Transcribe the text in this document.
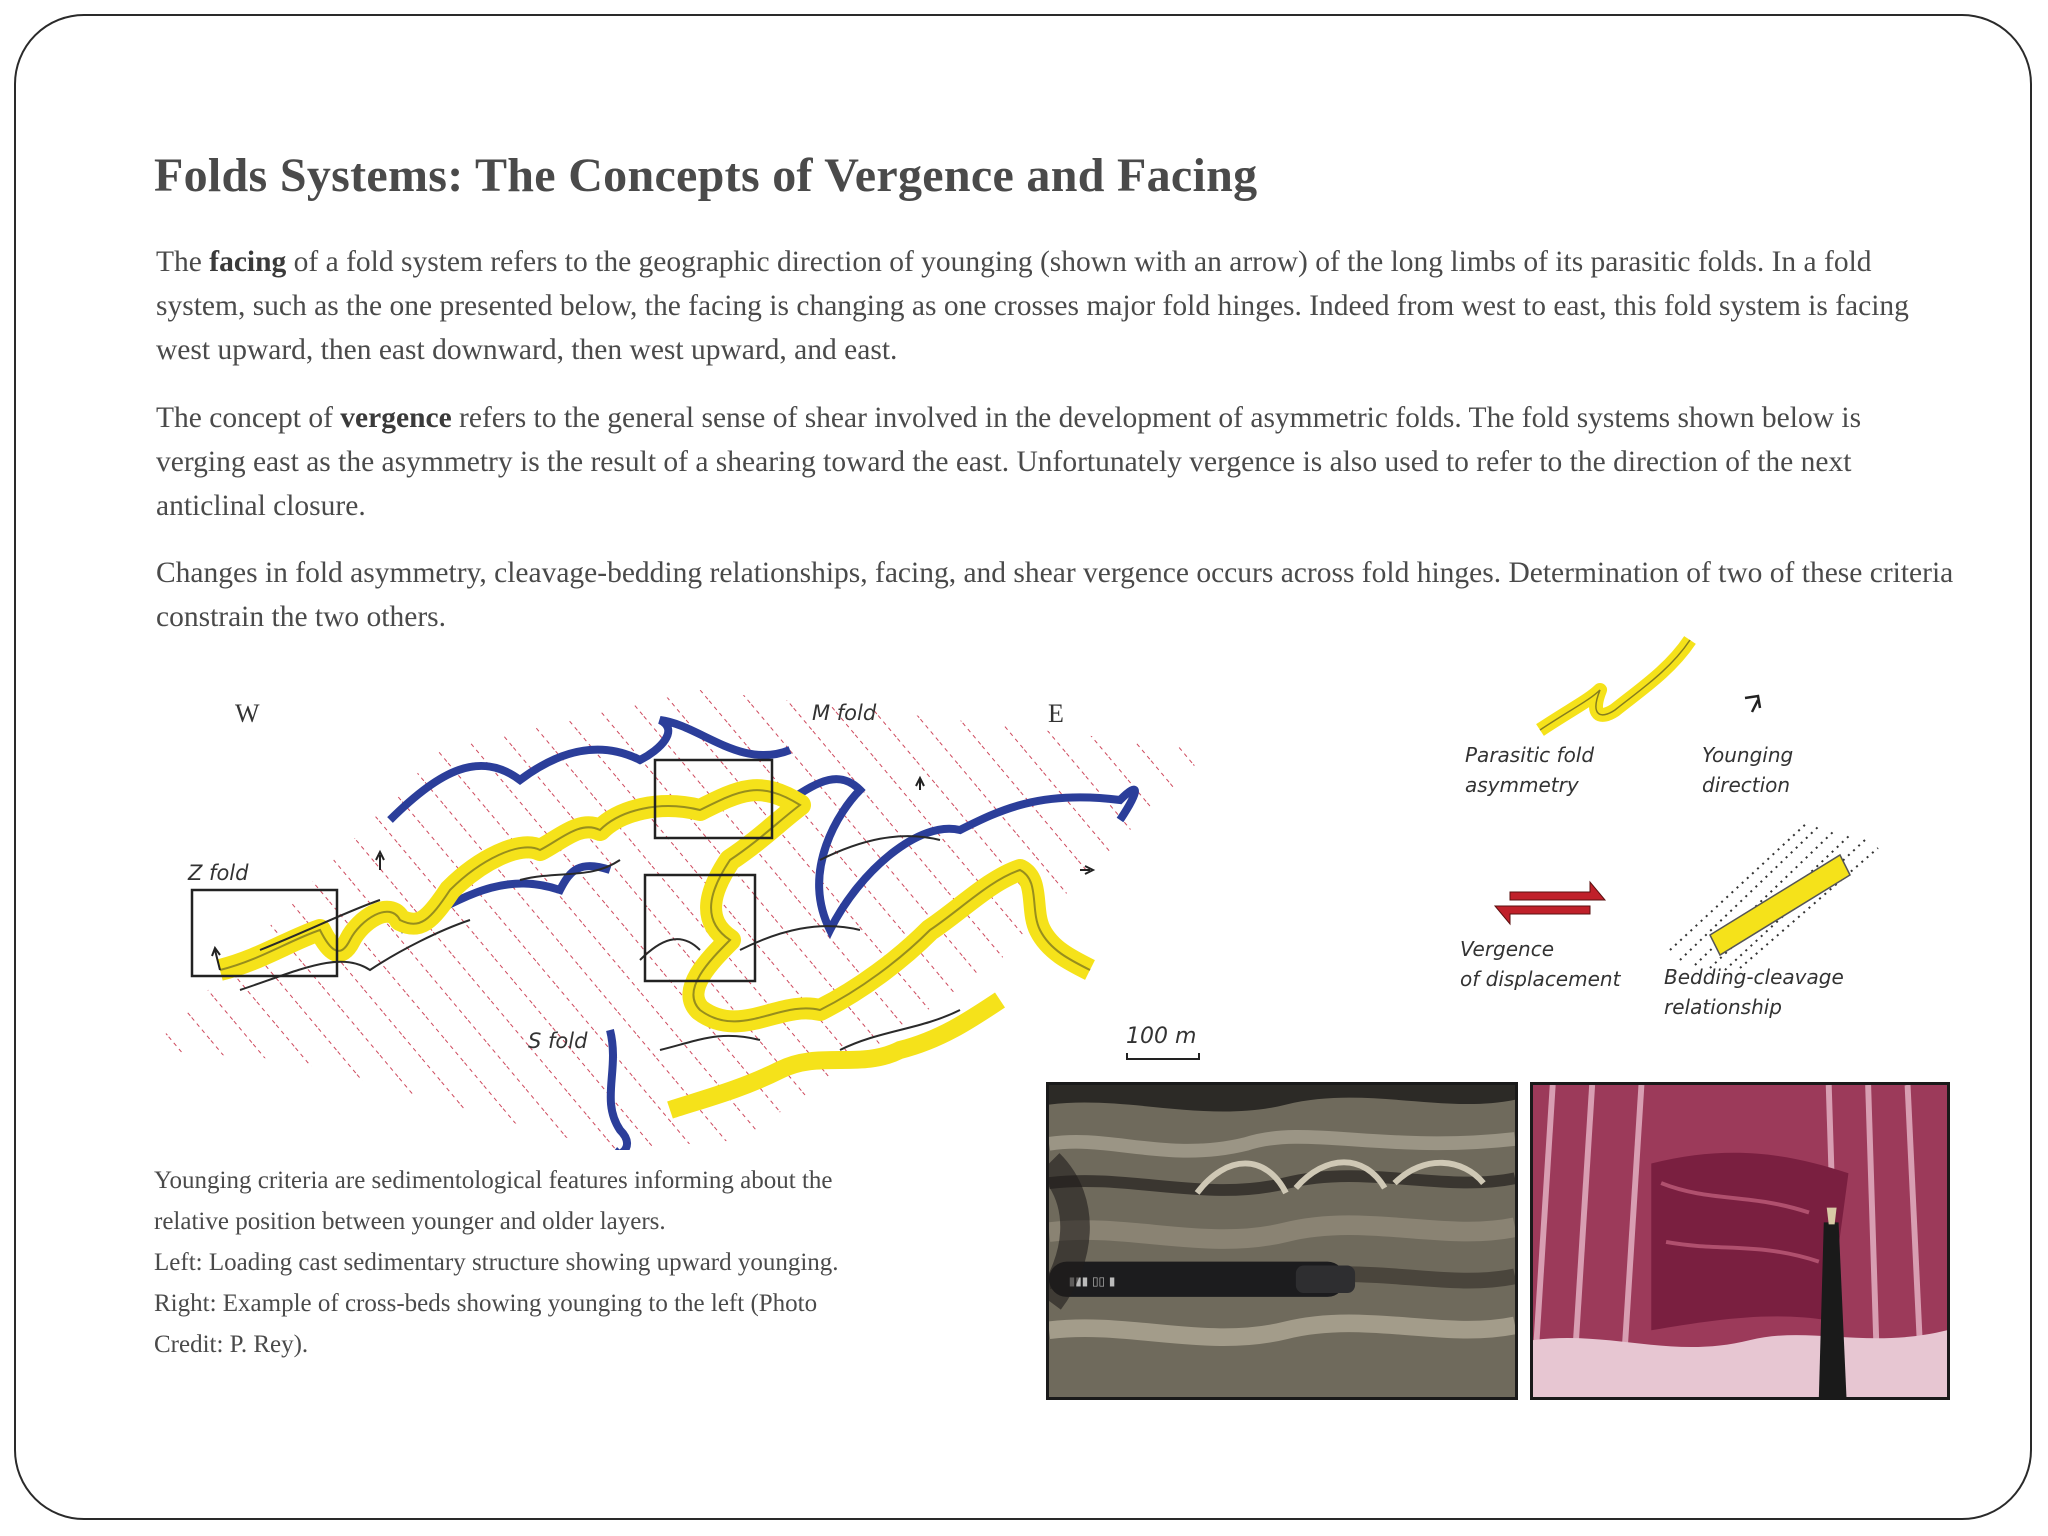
Folds Systems: The Concepts of Vergence and Facing

The facing of a fold system refers to the geographic direction of younging (shown with an arrow) of the long limbs of its parasitic folds. In a fold system, such as the one presented below, the facing is changing as one crosses major fold hinges. Indeed from west to east, this fold system is facing west upward, then east downward, then west upward, and east.

The concept of vergence refers to the general sense of shear involved in the development of asymmetric folds. The fold systems shown below is verging east as the asymmetry is the result of a shearing toward the east. Unfortunately vergence is also used to refer to the direction of the next anticlinal closure.

Changes in fold asymmetry, cleavage-bedding relationships, facing, and shear vergence occurs across fold hinges. Determination of two of these criteria constrain the two others.

W	E
M fold
Z fold
S fold
Parasitic fold
asymmetry
Younging
direction
Vergence
of displacement Bedding-cleavage
relationship
100 m
Younging criteria are sedimentological features informing about the
relative position between younger and older layers.
Left: Loading cast sedimentary structure showing upward younging.
Right: Example of cross-beds showing younging to the left (Photo
Credit: P. Rey).
▮▮▮ ▯▯ ▮
